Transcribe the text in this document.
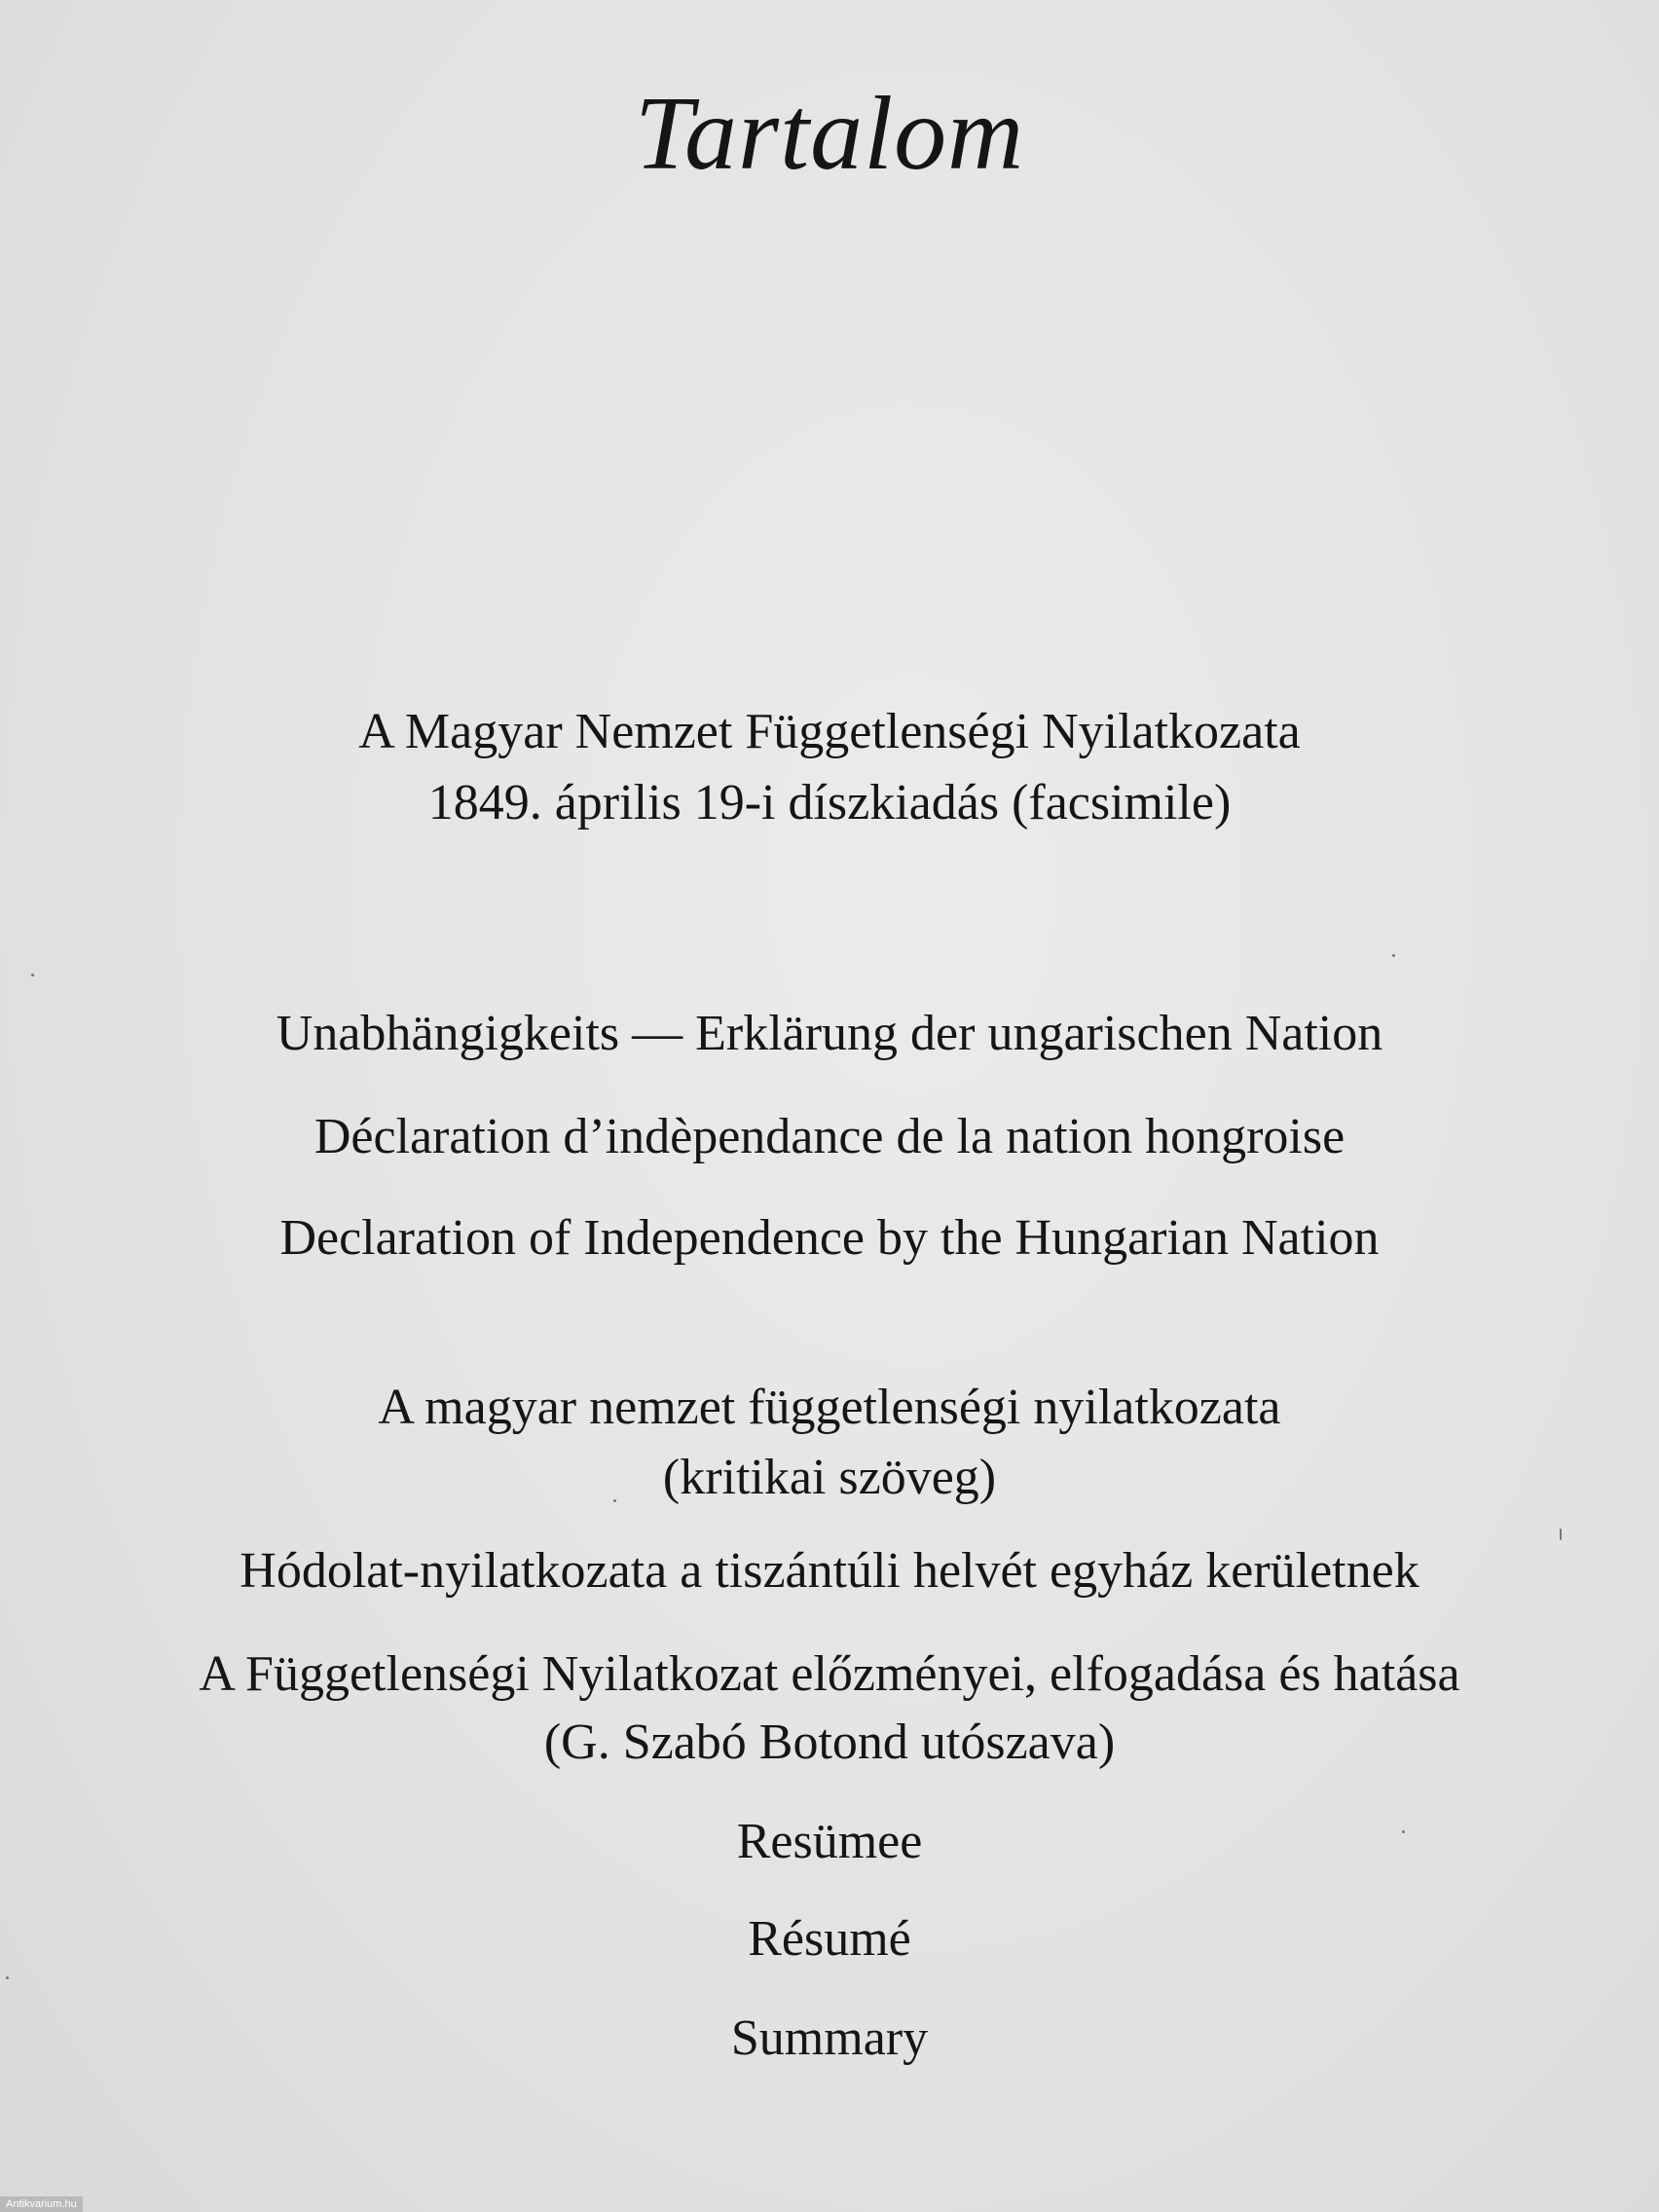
Tartalom
A Magyar Nemzet Függetlenségi Nyilatkozata
1849. április 19-i díszkiadás (facsimile)
Unabhängigkeits — Erklärung der ungarischen Nation
Déclaration d’indèpendance de la nation hongroise
Declaration of Independence by the Hungarian Nation
A magyar nemzet függetlenségi nyilatkozata
(kritikai szöveg)
Hódolat-nyilatkozata a tiszántúli helvét egyház kerületnek
A Függetlenségi Nyilatkozat előzményei, elfogadása és hatása
(G. Szabó Botond utószava)
Resümee
Résumé
Summary
Antikvarium.hu
